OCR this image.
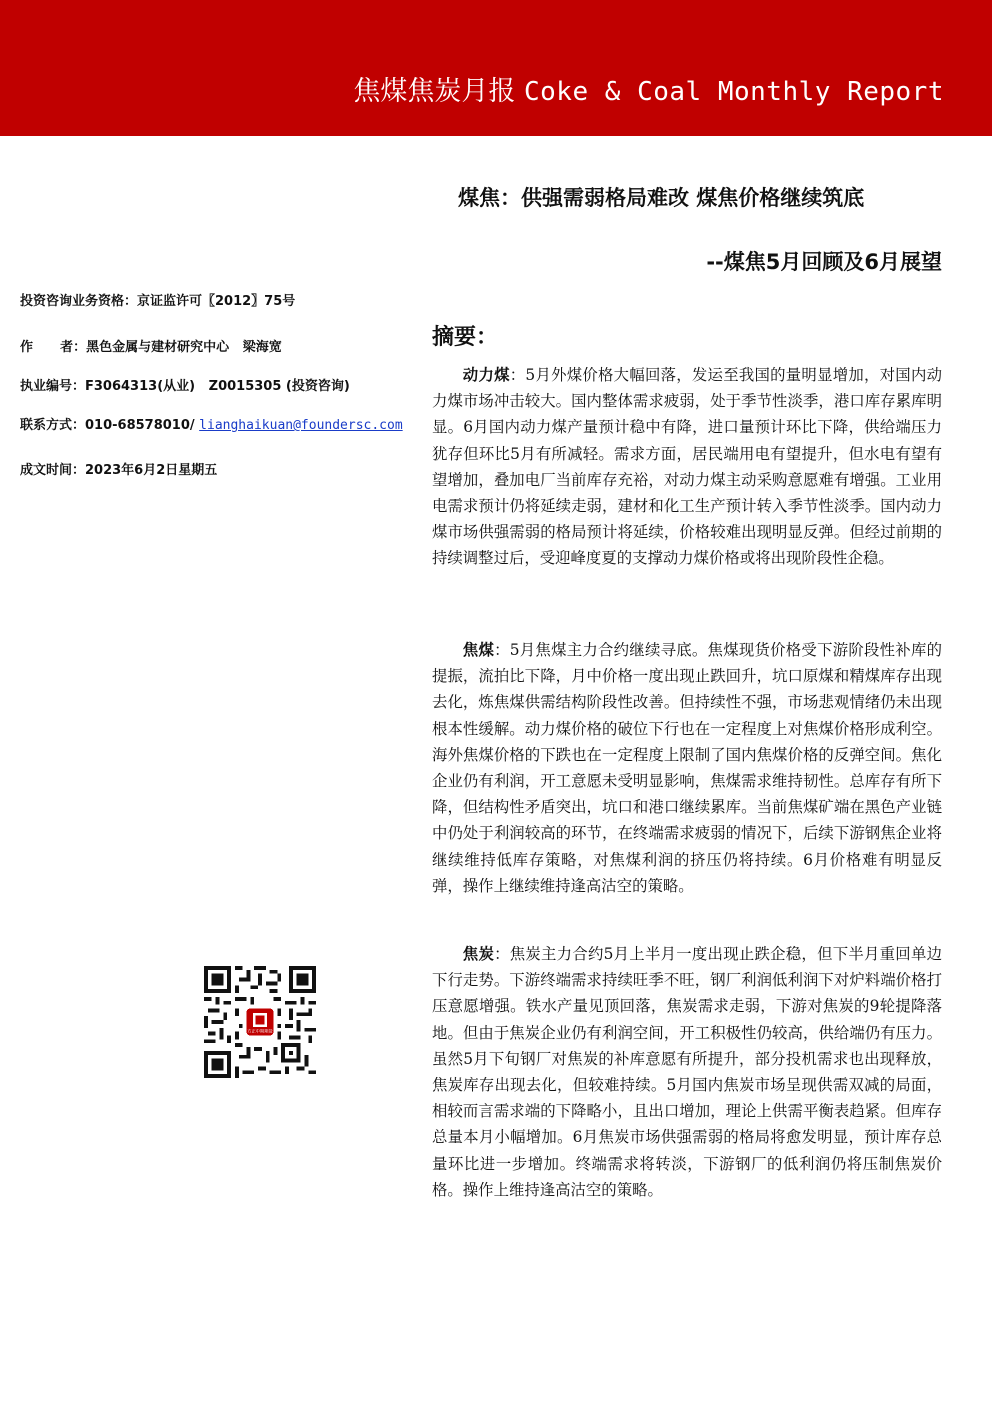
焦煤焦炭月报 Coke & Coal Monthly Report
煤焦：供强需弱格局难改 煤焦价格继续筑底
--煤焦5月回顾及6月展望
投资咨询业务资格：京证监许可〖2012〗75号
作      者：黑色金属与建材研究中心   梁海宽
执业编号：F3064313(从业)   Z0015305 (投资咨询)
联系方式：010-68578010/ lianghaikuan@foundersc.com
成文时间：2023年6月2日星期五
摘要：

动力煤：5月外煤价格大幅回落，发运至我国的量明显增加，对国内动力煤市场冲击较大。国内整体需求疲弱，处于季节性淡季，港口库存累库明显。6月国内动力煤产量预计稳中有降，进口量预计环比下降，供给端压力犹存但环比5月有所减轻。需求方面，居民端用电有望提升，但水电有望有望增加，叠加电厂当前库存充裕，对动力煤主动采购意愿难有增强。工业用电需求预计仍将延续走弱，建材和化工生产预计转入季节性淡季。国内动力煤市场供强需弱的格局预计将延续，价格较难出现明显反弹。但经过前期的持续调整过后，受迎峰度夏的支撑动力煤价格或将出现阶段性企稳。

焦煤：5月焦煤主力合约继续寻底。焦煤现货价格受下游阶段性补库的提振，流拍比下降，月中价格一度出现止跌回升，坑口原煤和精煤库存出现去化，炼焦煤供需结构阶段性改善。但持续性不强，市场悲观情绪仍未出现根本性缓解。动力煤价格的破位下行也在一定程度上对焦煤价格形成利空。海外焦煤价格的下跌也在一定程度上限制了国内焦煤价格的反弹空间。焦化企业仍有利润，开工意愿未受明显影响，焦煤需求维持韧性。总库存有所下降，但结构性矛盾突出，坑口和港口继续累库。当前焦煤矿端在黑色产业链中仍处于利润较高的环节，在终端需求疲弱的情况下，后续下游钢焦企业将继续维持低库存策略，对焦煤利润的挤压仍将持续。6月价格难有明显反弹，操作上继续维持逢高沽空的策略。

焦炭：焦炭主力合约5月上半月一度出现止跌企稳，但下半月重回单边下行走势。下游终端需求持续旺季不旺，钢厂利润低利润下对炉料端价格打压意愿增强。铁水产量见顶回落，焦炭需求走弱，下游对焦炭的9轮提降落地。但由于焦炭企业仍有利润空间，开工积极性仍较高，供给端仍有压力。虽然5月下旬钢厂对焦炭的补库意愿有所提升，部分投机需求也出现释放，焦炭库存出现去化，但较难持续。5月国内焦炭市场呈现供需双减的局面，相较而言需求端的下降略小，且出口增加，理论上供需平衡表趋紧。但库存总量本月小幅增加。6月焦炭市场供强需弱的格局将愈发明显，预计库存总量环比进一步增加。终端需求将转淡，下游钢厂的低利润仍将压制焦炭价格。操作上维持逢高沽空的策略。

方正中期期货
